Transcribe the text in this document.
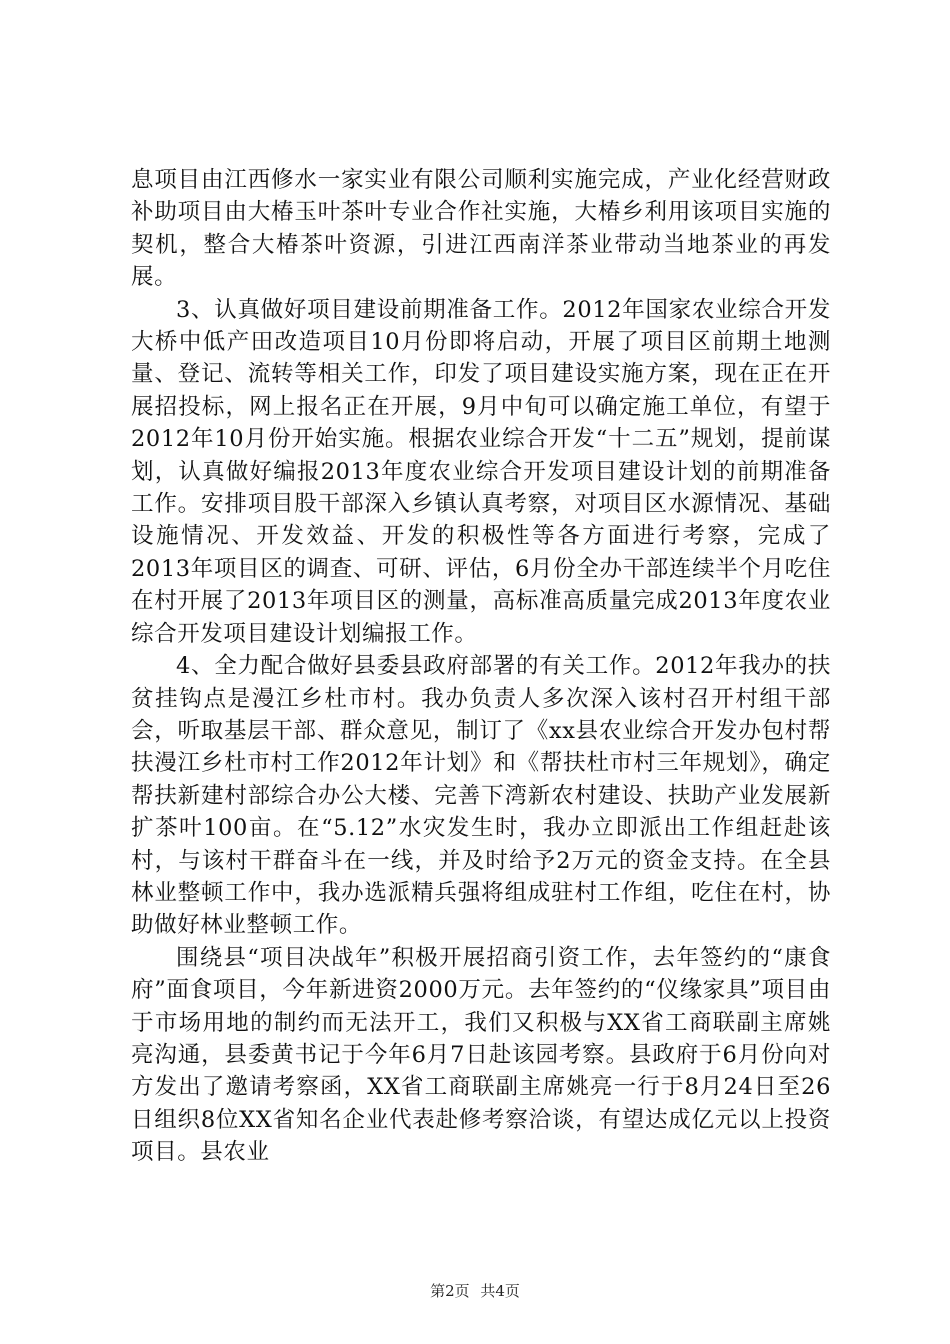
息项目由江西修水一家实业有限公司顺利实施完成，产业化经营财政补助项目由大椿玉叶茶叶专业合作社实施，大椿乡利用该项目实施的契机，整合大椿茶叶资源，引进江西南洋茶业带动当地茶业的再发展。

3、认真做好项目建设前期准备工作。2012年国家农业综合开发大桥中低产田改造项目10月份即将启动，开展了项目区前期土地测量、登记、流转等相关工作，印发了项目建设实施方案，现在正在开展招投标，网上报名正在开展，9月中旬可以确定施工单位，有望于2012年10月份开始实施。根据农业综合开发“十二五”规划，提前谋划，认真做好编报2013年度农业综合开发项目建设计划的前期准备工作。安排项目股干部深入乡镇认真考察，对项目区水源情况、基础设施情况、开发效益、开发的积极性等各方面进行考察，完成了2013年项目区的调查、可研、评估，6月份全办干部连续半个月吃住在村开展了2013年项目区的测量，高标准高质量完成2013年度农业综合开发项目建设计划编报工作。

4、全力配合做好县委县政府部署的有关工作。2012年我办的扶贫挂钩点是漫江乡杜市村。我办负责人多次深入该村召开村组干部会，听取基层干部、群众意见，制订了《xx县农业综合开发办包村帮扶漫江乡杜市村工作2012年计划》和《帮扶杜市村三年规划》，确定帮扶新建村部综合办公大楼、完善下湾新农村建设、扶助产业发展新扩茶叶100亩。在“5.12”水灾发生时，我办立即派出工作组赶赴该村，与该村干群奋斗在一线，并及时给予2万元的资金支持。在全县林业整顿工作中，我办选派精兵强将组成驻村工作组，吃住在村，协助做好林业整顿工作。

围绕县“项目决战年”积极开展招商引资工作，去年签约的“康食府”面食项目，今年新进资2000万元。去年签约的“仪缘家具”项目由于市场用地的制约而无法开工，我们又积极与XX省工商联副主席姚亮沟通，县委黄书记于今年6月7日赴该园考察。县政府于6月份向对方发出了邀请考察函，XX省工商联副主席姚亮一行于8月24日至26日组织8位XX省知名企业代表赴修考察洽谈，有望达成亿元以上投资项目。县农业

第2页 共4页
